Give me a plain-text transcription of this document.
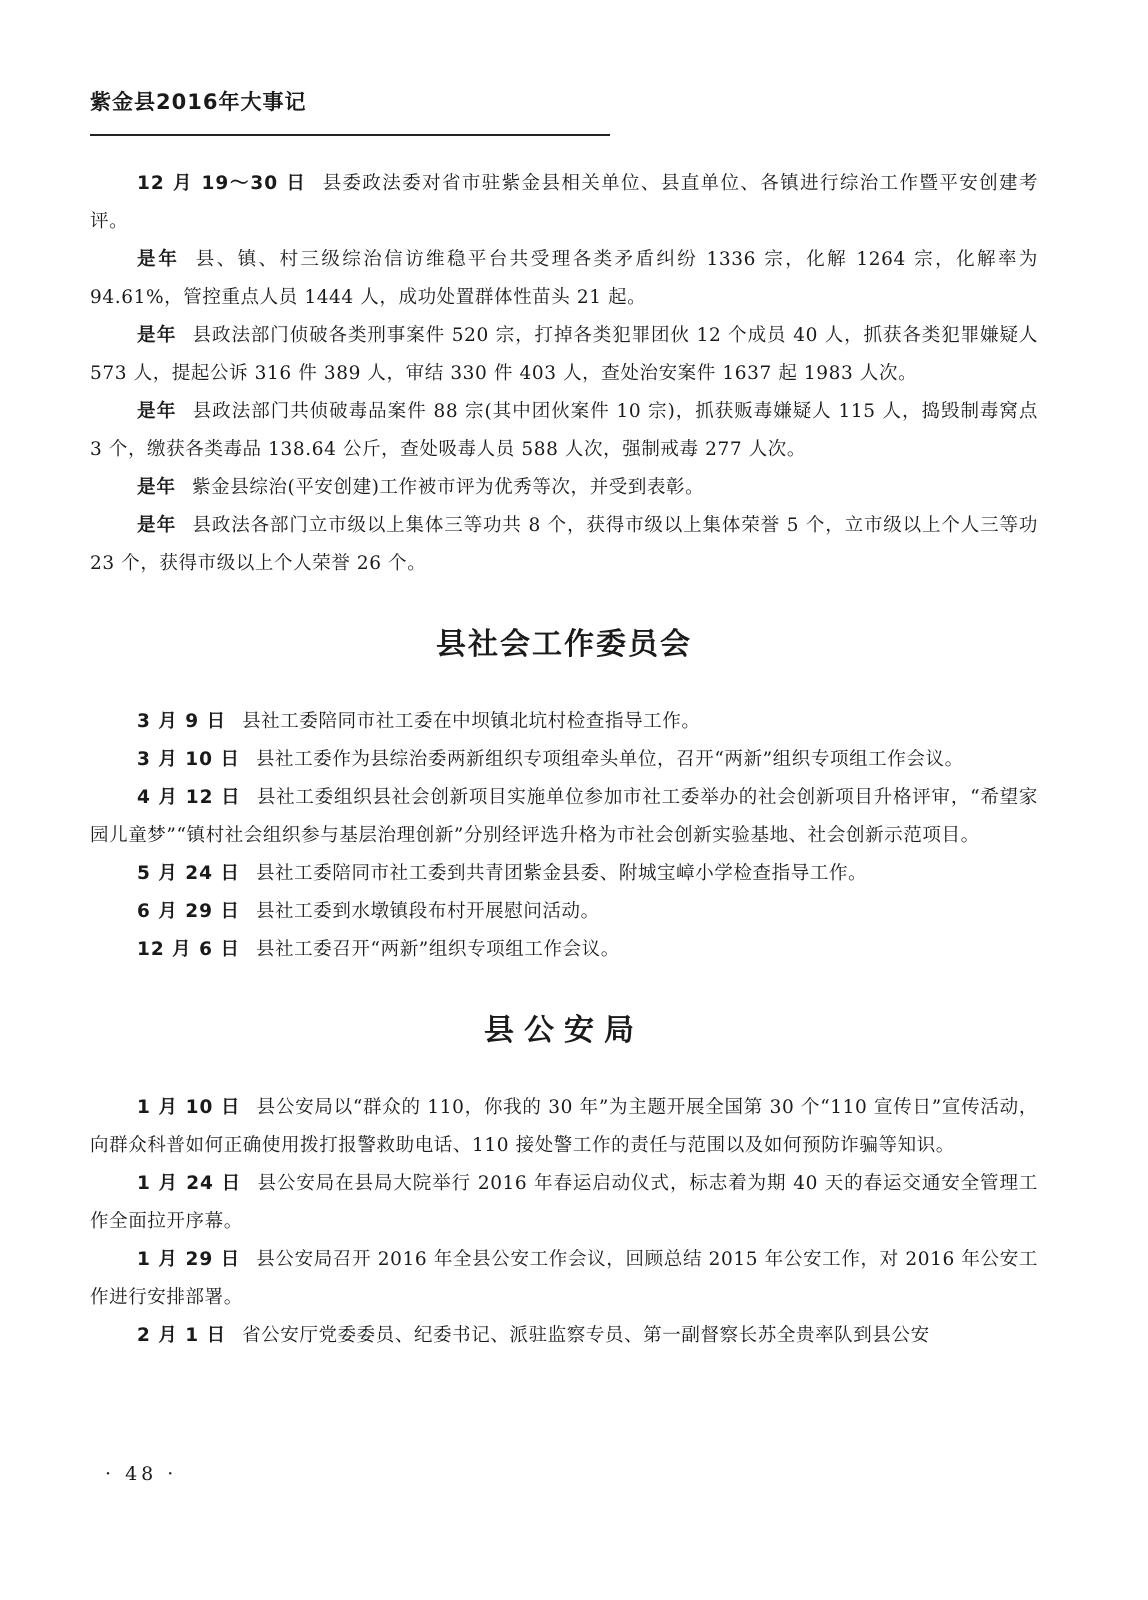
紫金县2016年大事记

12 月 19～30 日 县委政法委对省市驻紫金县相关单位、县直单位、各镇进行综治工作暨平安创建考评。

是年 县、镇、村三级综治信访维稳平台共受理各类矛盾纠纷 1336 宗，化解 1264 宗，化解率为 94.61%，管控重点人员 1444 人，成功处置群体性苗头 21 起。

是年 县政法部门侦破各类刑事案件 520 宗，打掉各类犯罪团伙 12 个成员 40 人，抓获各类犯罪嫌疑人 573 人，提起公诉 316 件 389 人，审结 330 件 403 人，查处治安案件 1637 起 1983 人次。

是年 县政法部门共侦破毒品案件 88 宗(其中团伙案件 10 宗)，抓获贩毒嫌疑人 115 人，捣毁制毒窝点 3 个，缴获各类毒品 138.64 公斤，查处吸毒人员 588 人次，强制戒毒 277 人次。

是年 紫金县综治(平安创建)工作被市评为优秀等次，并受到表彰。

是年 县政法各部门立市级以上集体三等功共 8 个，获得市级以上集体荣誉 5 个，立市级以上个人三等功 23 个，获得市级以上个人荣誉 26 个。

县社会工作委员会

3 月 9 日 县社工委陪同市社工委在中坝镇北坑村检查指导工作。

3 月 10 日 县社工委作为县综治委两新组织专项组牵头单位，召开“两新”组织专项组工作会议。

4 月 12 日 县社工委组织县社会创新项目实施单位参加市社工委举办的社会创新项目升格评审，“希望家园儿童梦”“镇村社会组织参与基层治理创新”分别经评选升格为市社会创新实验基地、社会创新示范项目。

5 月 24 日 县社工委陪同市社工委到共青团紫金县委、附城宝嶂小学检查指导工作。

6 月 29 日 县社工委到水墩镇段布村开展慰问活动。

12 月 6 日 县社工委召开“两新”组织专项组工作会议。

县公安局

1 月 10 日 县公安局以“群众的 110，你我的 30 年”为主题开展全国第 30 个“110 宣传日”宣传活动，向群众科普如何正确使用拨打报警救助电话、110 接处警工作的责任与范围以及如何预防诈骗等知识。

1 月 24 日 县公安局在县局大院举行 2016 年春运启动仪式，标志着为期 40 天的春运交通安全管理工作全面拉开序幕。

1 月 29 日 县公安局召开 2016 年全县公安工作会议，回顾总结 2015 年公安工作，对 2016 年公安工作进行安排部署。

2 月 1 日 省公安厅党委委员、纪委书记、派驻监察专员、第一副督察长苏全贵率队到县公安

· 48 ·
